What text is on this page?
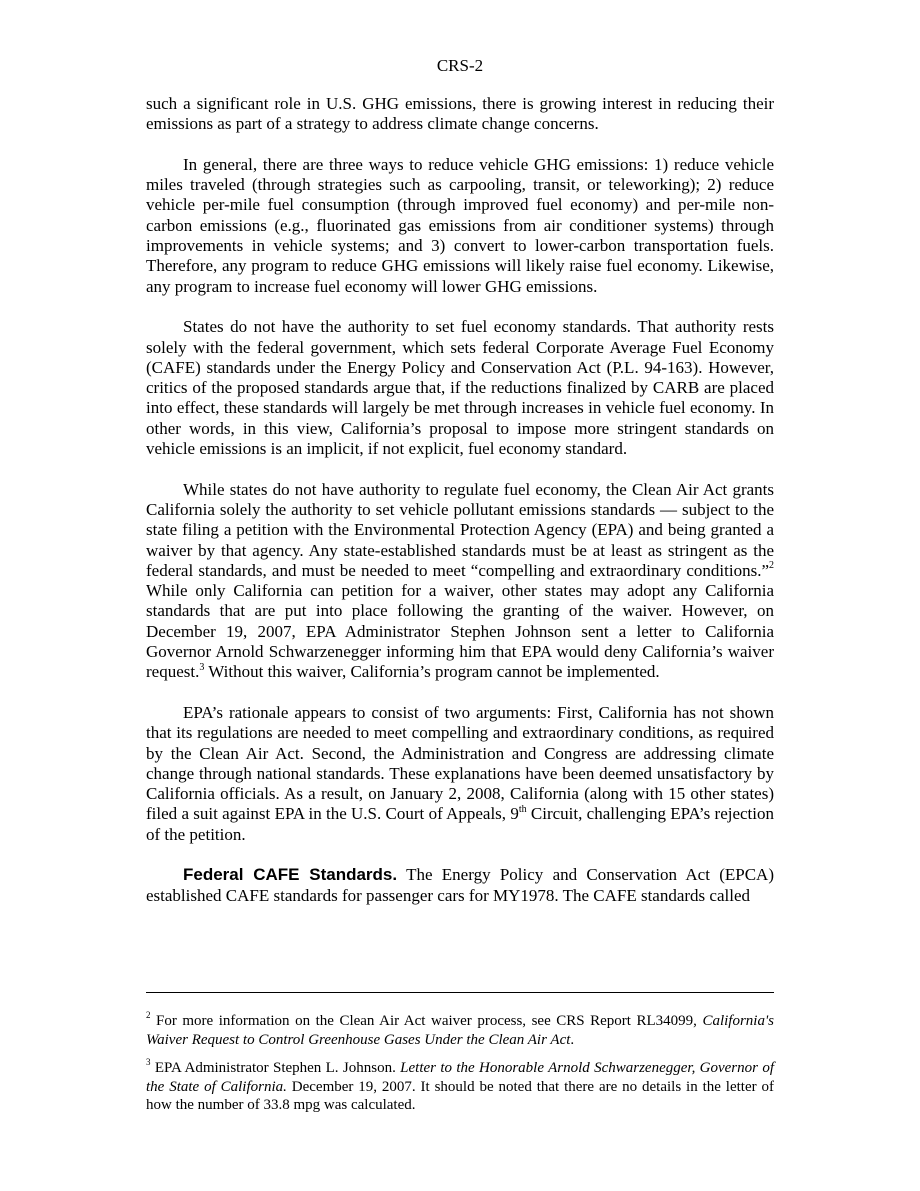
CRS-2

such a significant role in U.S. GHG emissions, there is growing interest in reducing their emissions as part of a strategy to address climate change concerns.

In general, there are three ways to reduce vehicle GHG emissions: 1) reduce vehicle miles traveled (through strategies such as carpooling, transit, or teleworking); 2) reduce vehicle per-mile fuel consumption (through improved fuel economy) and per-mile non-carbon emissions (e.g., fluorinated gas emissions from air conditioner systems) through improvements in vehicle systems; and 3) convert to lower-carbon transportation fuels. Therefore, any program to reduce GHG emissions will likely raise fuel economy. Likewise, any program to increase fuel economy will lower GHG emissions.

States do not have the authority to set fuel economy standards. That authority rests solely with the federal government, which sets federal Corporate Average Fuel Economy (CAFE) standards under the Energy Policy and Conservation Act (P.L. 94-163). However, critics of the proposed standards argue that, if the reductions finalized by CARB are placed into effect, these standards will largely be met through increases in vehicle fuel economy. In other words, in this view, California’s proposal to impose more stringent standards on vehicle emissions is an implicit, if not explicit, fuel economy standard.

While states do not have authority to regulate fuel economy, the Clean Air Act grants California solely the authority to set vehicle pollutant emissions standards — subject to the state filing a petition with the Environmental Protection Agency (EPA) and being granted a waiver by that agency. Any state-established standards must be at least as stringent as the federal standards, and must be needed to meet “compelling and extraordinary conditions.”$^2$ While only California can petition for a waiver, other states may adopt any California standards that are put into place following the granting of the waiver. However, on December 19, 2007, EPA Administrator Stephen Johnson sent a letter to California Governor Arnold Schwarzenegger informing him that EPA would deny California’s waiver request.$^3$ Without this waiver, California’s program cannot be implemented.

EPA’s rationale appears to consist of two arguments: First, California has not shown that its regulations are needed to meet compelling and extraordinary conditions, as required by the Clean Air Act. Second, the Administration and Congress are addressing climate change through national standards. These explanations have been deemed unsatisfactory by California officials. As a result, on January 2, 2008, California (along with 15 other states) filed a suit against EPA in the U.S. Court of Appeals, 9th Circuit, challenging EPA’s rejection of the petition.

Federal CAFE Standards. The Energy Policy and Conservation Act (EPCA) established CAFE standards for passenger cars for MY1978. The CAFE standards called

$^2$ For more information on the Clean Air Act waiver process, see CRS Report RL34099, California's Waiver Request to Control Greenhouse Gases Under the Clean Air Act.

$^3$ EPA Administrator Stephen L. Johnson. Letter to the Honorable Arnold Schwarzenegger, Governor of the State of California. December 19, 2007. It should be noted that there are no details in the letter of how the number of 33.8 mpg was calculated.
